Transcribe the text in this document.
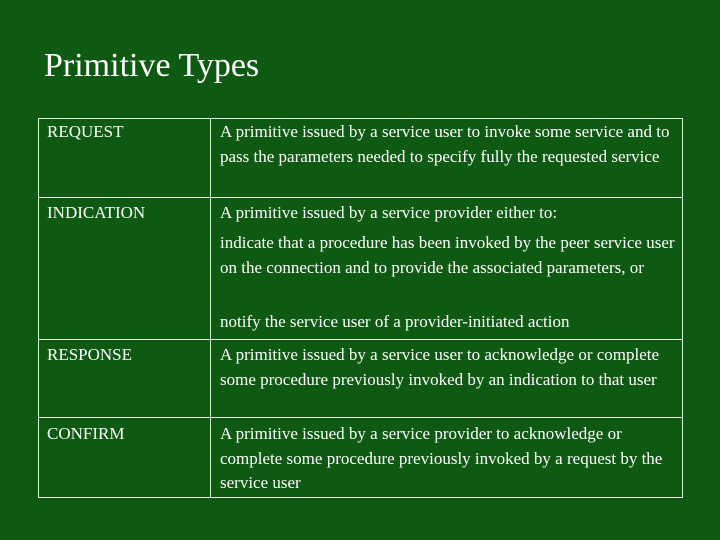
Primitive Types
REQUEST	A primitive issued by a service user to invoke some service and to pass the parameters needed to specify fully the requested service
INDICATION	A primitive issued by a service provider either to:
indicate that a procedure has been invoked by the peer service user on the connection and to provide the associated parameters, or
notify the service user of a provider-initiated action
RESPONSE	A primitive issued by a service user to acknowledge or complete some procedure previously invoked by an indication to that user
CONFIRM	A primitive issued by a service provider to acknowledge or complete some procedure previously invoked by a request by the service user
